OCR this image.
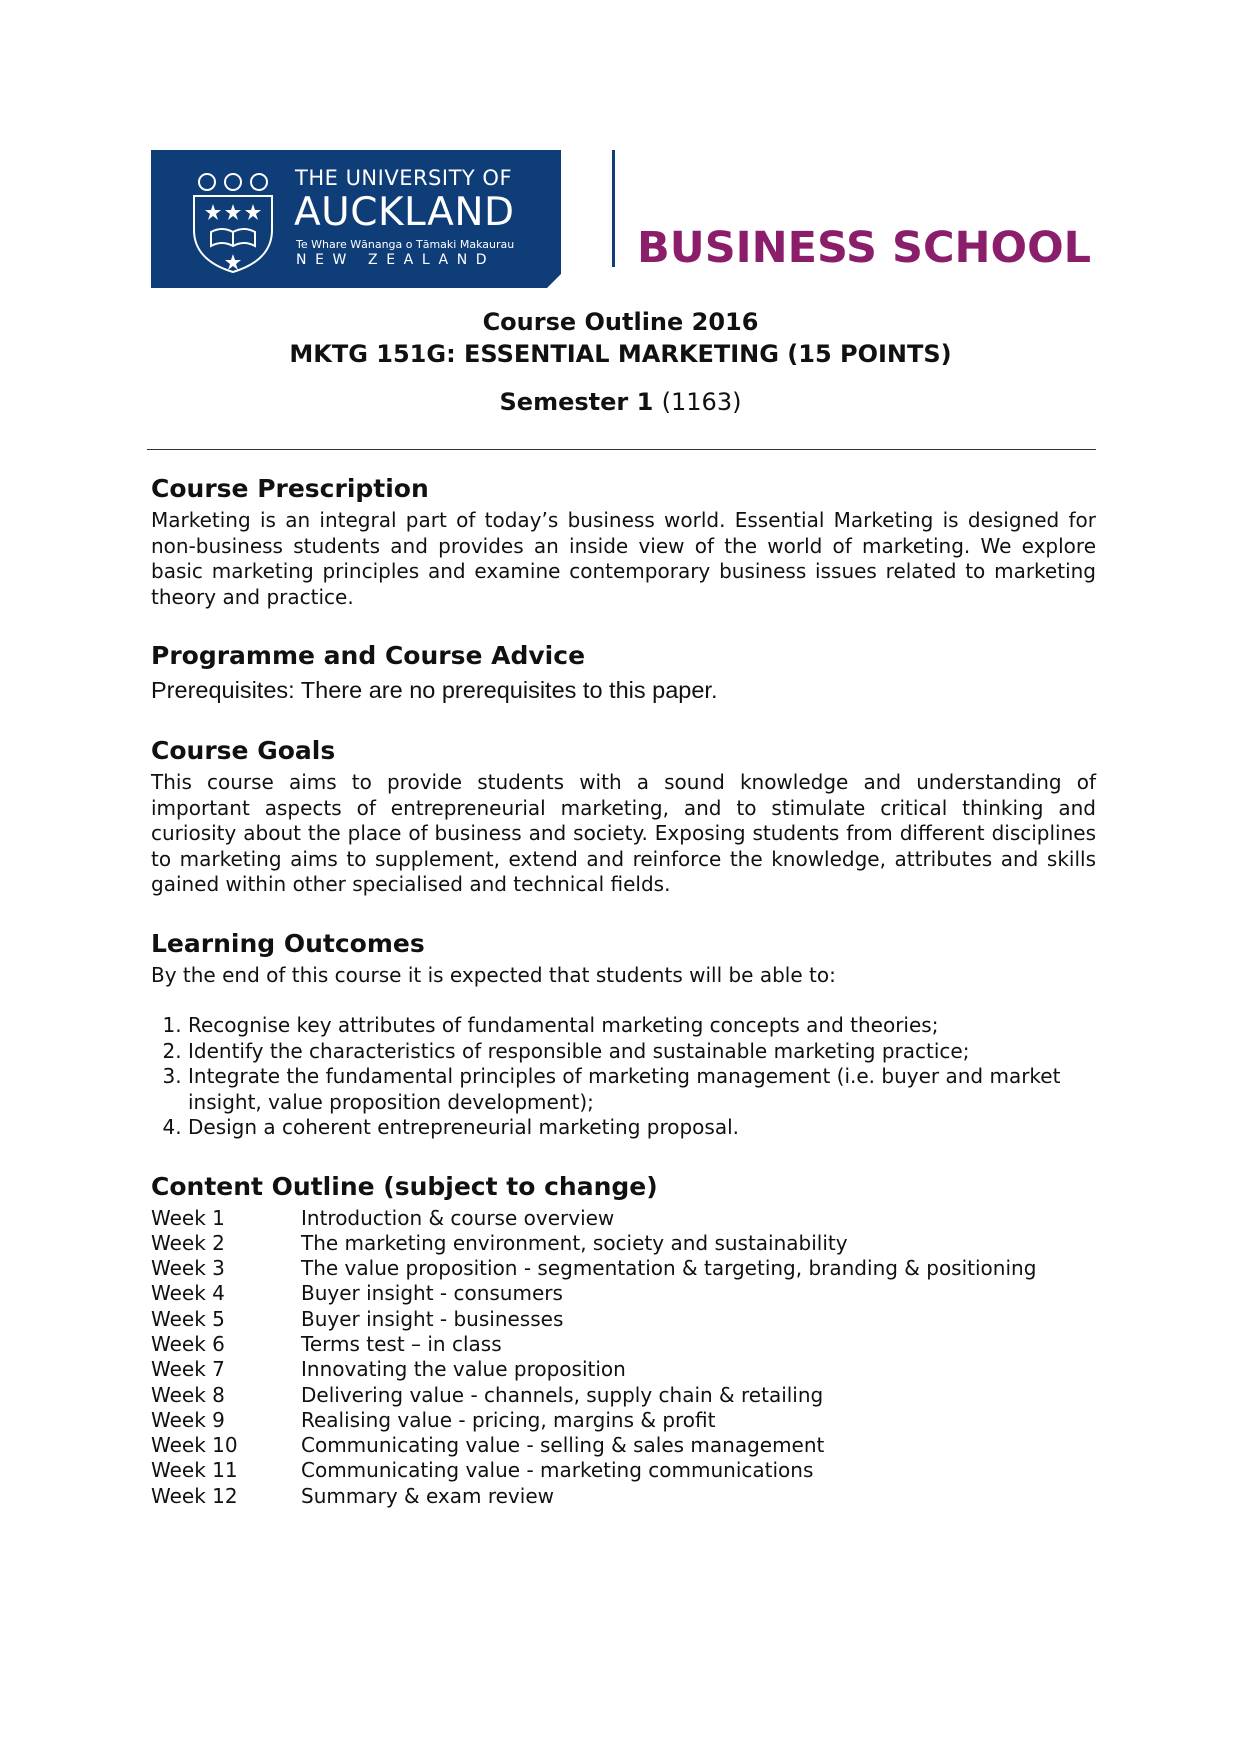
THE UNIVERSITY OF
AUCKLAND
Te Whare Wānanga o Tāmaki Makaurau
NEW ZEALAND	BUSINESS SCHOOL
Course Outline 2016
MKTG 151G: ESSENTIAL MARKETING (15 POINTS)
Semester 1 (1163)
Course Prescription

Marketing is an integral part of today’s business world. Essential Marketing is designed for non-business students and provides an inside view of the world of marketing. We explore basic marketing principles and examine contemporary business issues related to marketing theory and practice.

Programme and Course Advice

Prerequisites: There are no prerequisites to this paper.

Course Goals

This course aims to provide students with a sound knowledge and understanding of important aspects of entrepreneurial marketing, and to stimulate critical thinking and curiosity about the place of business and society. Exposing students from different disciplines to marketing aims to supplement, extend and reinforce the knowledge, attributes and skills gained within other specialised and technical fields.

Learning Outcomes

By the end of this course it is expected that students will be able to:

1. Recognise key attributes of fundamental marketing concepts and theories;
2. Identify the characteristics of responsible and sustainable marketing practice;
3. Integrate the fundamental principles of marketing management (i.e. buyer and market insight, value proposition development);
4. Design a coherent entrepreneurial marketing proposal.
Content Outline (subject to change)
Week 1	Introduction & course overview
Week 2	The marketing environment, society and sustainability
Week 3	The value proposition - segmentation & targeting, branding & positioning
Week 4	Buyer insight - consumers
Week 5	Buyer insight - businesses
Week 6	Terms test – in class
Week 7	Innovating the value proposition
Week 8	Delivering value - channels, supply chain & retailing
Week 9	Realising value - pricing, margins & profit
Week 10	Communicating value - selling & sales management
Week 11	Communicating value - marketing communications
Week 12	Summary & exam review
